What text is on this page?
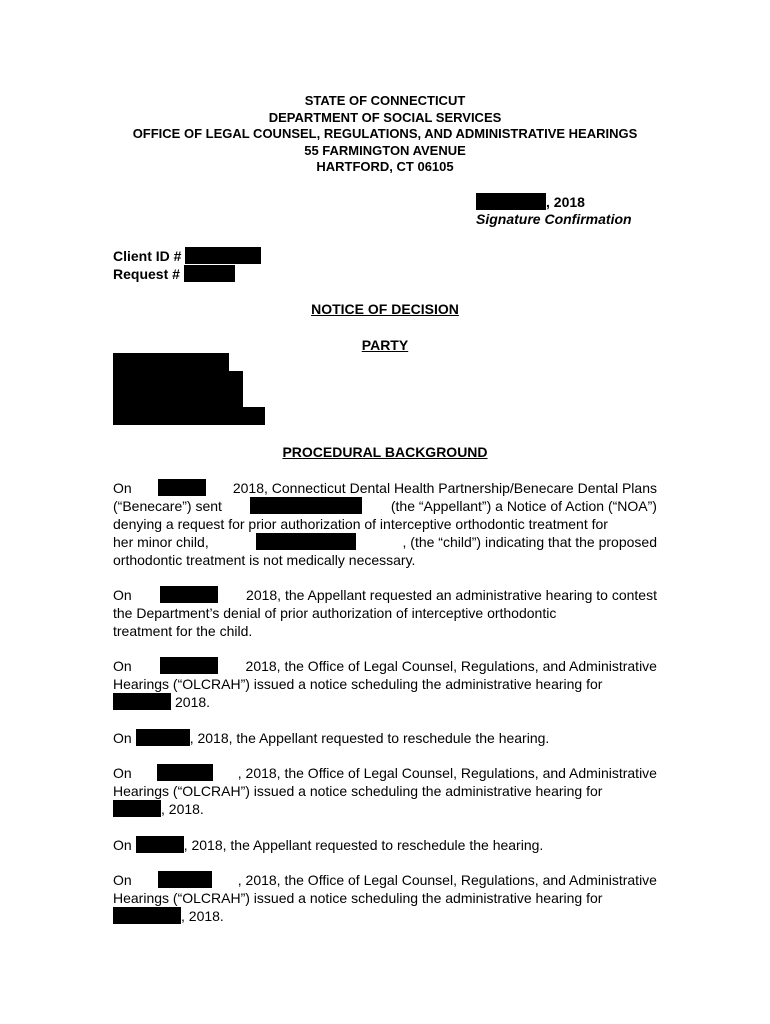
STATE OF CONNECTICUT
DEPARTMENT OF SOCIAL SERVICES
OFFICE OF LEGAL COUNSEL, REGULATIONS, AND ADMINISTRATIVE HEARINGS
55 FARMINGTON AVENUE
HARTFORD, CT 06105
, 2018
Signature Confirmation
Client ID #
Request #
NOTICE OF DECISION
PARTY
PROCEDURAL BACKGROUND
On	2018, Connecticut Dental Health Partnership/Benecare Dental Plans
(“Benecare”) sent	(the “Appellant”) a Notice of Action (“NOA”)
denying a request for prior authorization of interceptive orthodontic treatment for
her minor child,	, (the “child”) indicating that the proposed
orthodontic treatment is not medically necessary.
On	2018, the Appellant requested an administrative hearing to contest
the Department’s denial of prior authorization of interceptive orthodontic
treatment for the child.
On	2018, the Office of Legal Counsel, Regulations, and Administrative
Hearings (“OLCRAH”) issued a notice scheduling the administrative hearing for
2018.
On	, 2018, the Appellant requested to reschedule the hearing.
On	, 2018, the Office of Legal Counsel, Regulations, and Administrative
Hearings (“OLCRAH”) issued a notice scheduling the administrative hearing for
, 2018.
On	, 2018, the Appellant requested to reschedule the hearing.
On	, 2018, the Office of Legal Counsel, Regulations, and Administrative
Hearings (“OLCRAH”) issued a notice scheduling the administrative hearing for
, 2018.
